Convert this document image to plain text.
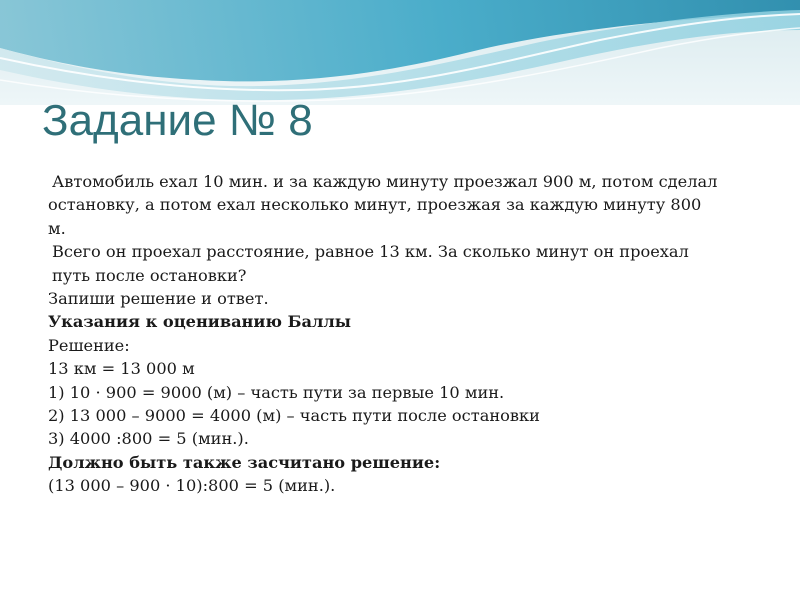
Задание № 8
Автомобиль ехал 10 мин. и за каждую минуту проезжал 900 м, потом сделал
остановку, а потом ехал несколько минут, проезжая за каждую минуту 800
м.
Всего он проехал расстояние, равное 13 км. За сколько минут он проехал
путь после остановки?
Запиши решение и ответ.
Указания к оцениванию Баллы
Решение:
13 км = 13 000 м
1) 10 · 900 = 9000 (м) – часть пути за первые 10 мин.
2) 13 000 – 9000 = 4000 (м) – часть пути после остановки
3) 4000 :800 = 5 (мин.).
Должно быть также засчитано решение:
(13 000 – 900 · 10):800 = 5 (мин.).
